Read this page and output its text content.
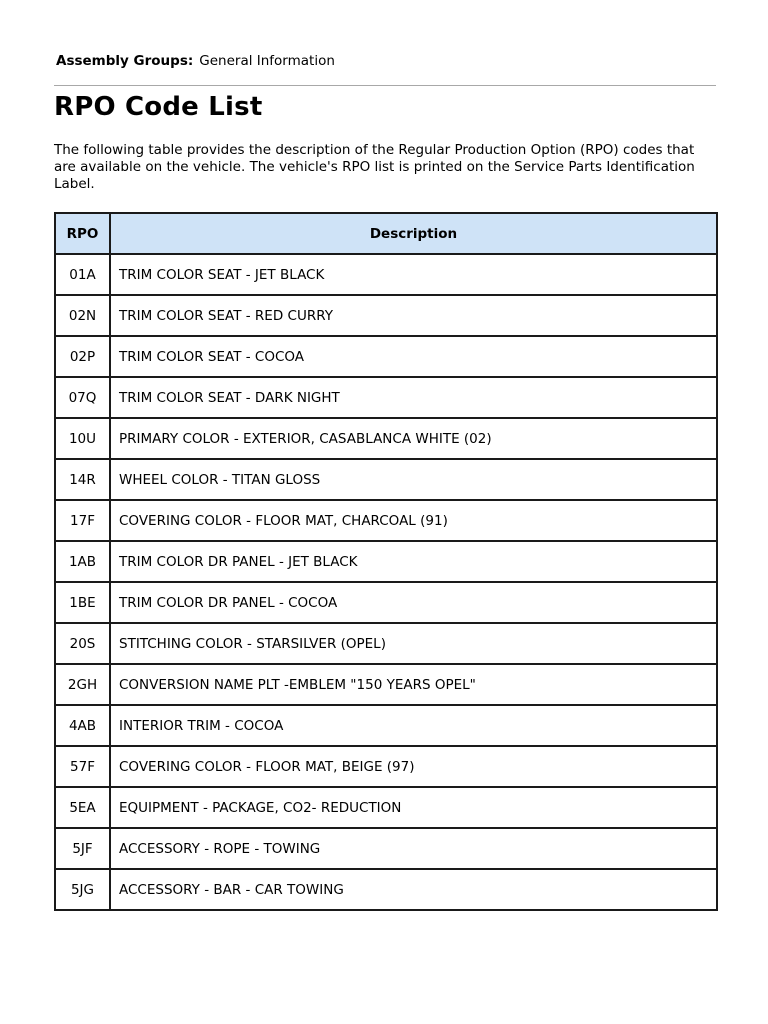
Assembly Groups: General Information
RPO Code List

The following table provides the description of the Regular Production Option (RPO) codes that are available on the vehicle. The vehicle's RPO list is printed on the Service Parts Identification Label.

RPO	Description
01A	TRIM COLOR SEAT - JET BLACK
02N	TRIM COLOR SEAT - RED CURRY
02P	TRIM COLOR SEAT - COCOA
07Q	TRIM COLOR SEAT - DARK NIGHT
10U	PRIMARY COLOR - EXTERIOR, CASABLANCA WHITE (02)
14R	WHEEL COLOR - TITAN GLOSS
17F	COVERING COLOR - FLOOR MAT, CHARCOAL (91)
1AB	TRIM COLOR DR PANEL - JET BLACK
1BE	TRIM COLOR DR PANEL - COCOA
20S	STITCHING COLOR - STARSILVER (OPEL)
2GH	CONVERSION NAME PLT -EMBLEM "150 YEARS OPEL"
4AB	INTERIOR TRIM - COCOA
57F	COVERING COLOR - FLOOR MAT, BEIGE (97)
5EA	EQUIPMENT - PACKAGE, CO2- REDUCTION
5JF	ACCESSORY - ROPE - TOWING
5JG	ACCESSORY - BAR - CAR TOWING
